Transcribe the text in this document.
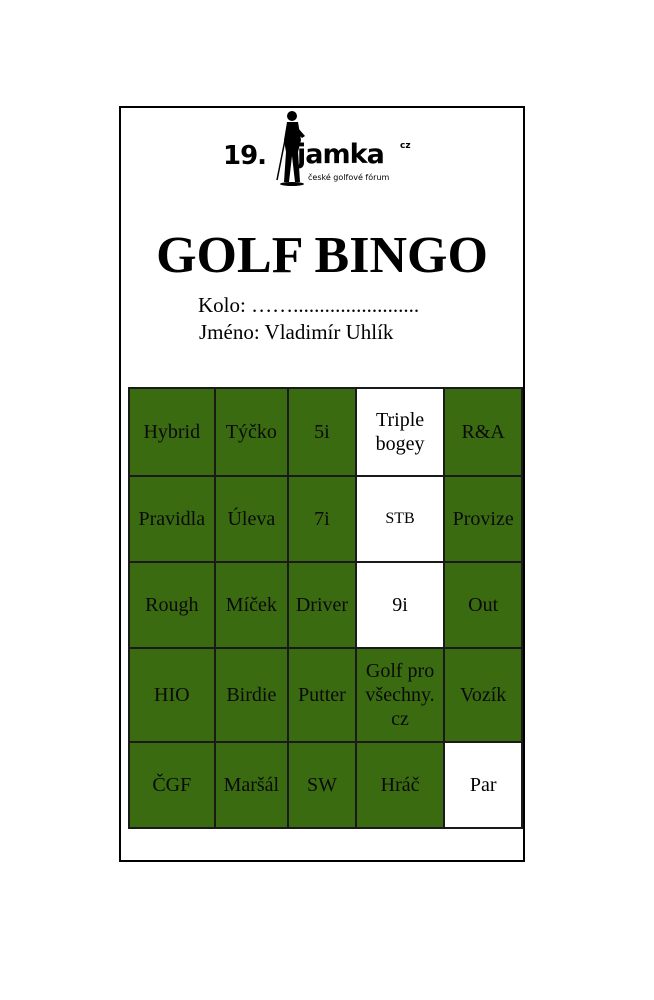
19. jamka cz
české golfové fórum
GOLF BINGO
Kolo: ……........................
Jméno: Vladimír Uhlík
Hybrid	Týčko	5i	Triple bogey	R&A
Pravidla	Úleva	7i	STB	Provize
Rough	Míček	Driver	9i	Out
HIO	Birdie	Putter	Golf pro všechny. cz	Vozík
ČGF	Maršál	SW	Hráč	Par
